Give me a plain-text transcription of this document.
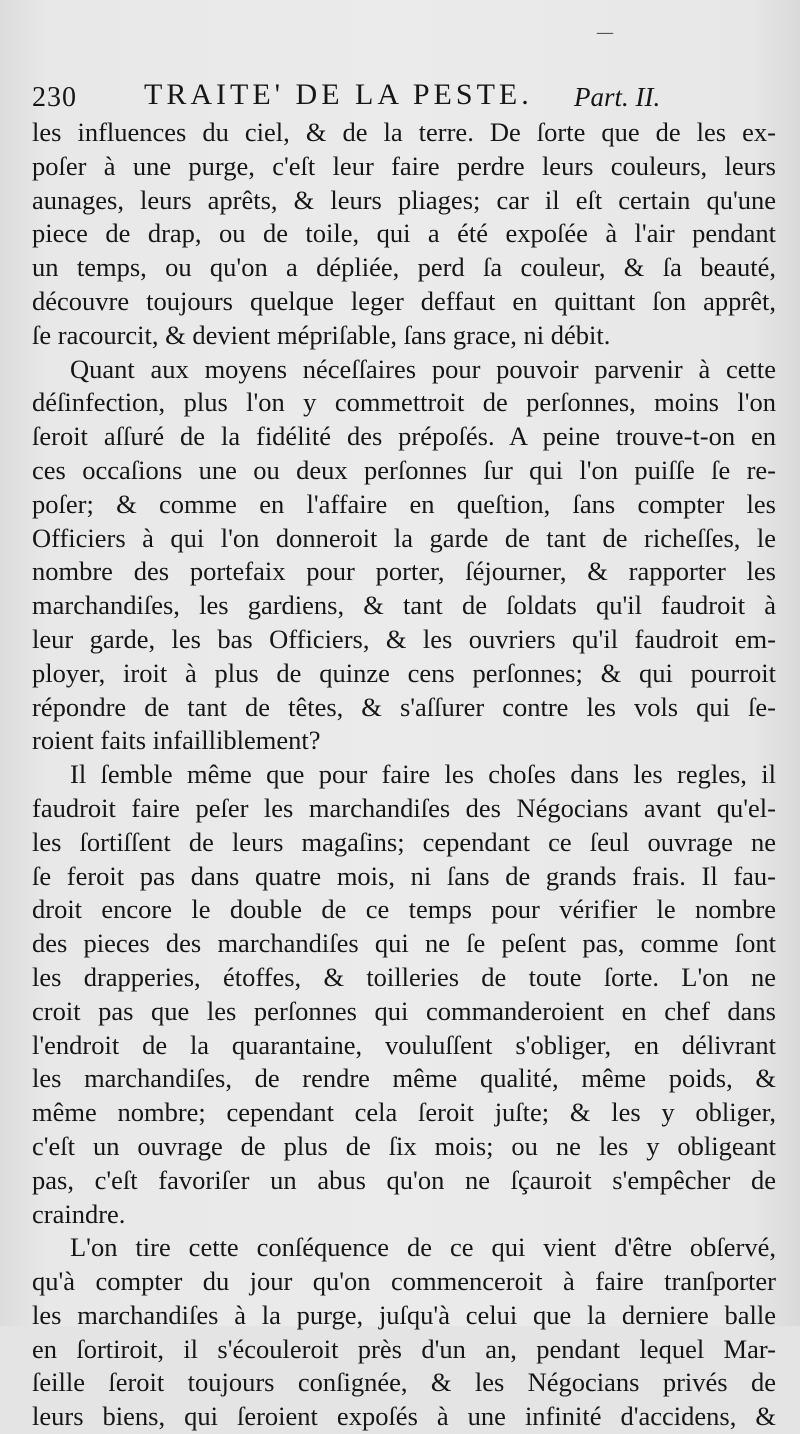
—
230 TRAITE' DE LA PESTE. Part. II.
les influences du ciel, & de la terre. De ſorte que de les ex-
poſer à une purge, c'eſt leur faire perdre leurs couleurs, leurs
aunages, leurs aprêts, & leurs pliages; car il eſt certain qu'une
piece de drap, ou de toile, qui a été expoſée à l'air pendant
un temps, ou qu'on a dépliée, perd ſa couleur, & ſa beauté,
découvre toujours quelque leger deffaut en quittant ſon apprêt,
ſe racourcit, & devient mépriſable, ſans grace, ni débit.
Quant aux moyens néceſſaires pour pouvoir parvenir à cette
déſinfection, plus l'on y commettroit de perſonnes, moins l'on
ſeroit aſſuré de la fidélité des prépoſés. A peine trouve-t-on en
ces occaſions une ou deux perſonnes ſur qui l'on puiſſe ſe re-
poſer; & comme en l'affaire en queſtion, ſans compter les
Officiers à qui l'on donneroit la garde de tant de richeſſes, le
nombre des portefaix pour porter, ſéjourner, & rapporter les
marchandiſes, les gardiens, & tant de ſoldats qu'il faudroit à
leur garde, les bas Officiers, & les ouvriers qu'il faudroit em-
ployer, iroit à plus de quinze cens perſonnes; & qui pourroit
répondre de tant de têtes, & s'aſſurer contre les vols qui ſe-
roient faits infailliblement?
Il ſemble même que pour faire les choſes dans les regles, il
faudroit faire peſer les marchandiſes des Négocians avant qu'el-
les ſortiſſent de leurs magaſins; cependant ce ſeul ouvrage ne
ſe feroit pas dans quatre mois, ni ſans de grands frais. Il fau-
droit encore le double de ce temps pour vérifier le nombre
des pieces des marchandiſes qui ne ſe peſent pas, comme ſont
les drapperies, étoffes, & toilleries de toute ſorte. L'on ne
croit pas que les perſonnes qui commanderoient en chef dans
l'endroit de la quarantaine, vouluſſent s'obliger, en délivrant
les marchandiſes, de rendre même qualité, même poids, &
même nombre; cependant cela ſeroit juſte; & les y obliger,
c'eſt un ouvrage de plus de ſix mois; ou ne les y obligeant
pas, c'eſt favoriſer un abus qu'on ne ſçauroit s'empêcher de
craindre.
L'on tire cette conſéquence de ce qui vient d'être obſervé,
qu'à compter du jour qu'on commenceroit à faire tranſporter
les marchandiſes à la purge, juſqu'à celui que la derniere balle
en ſortiroit, il s'écouleroit près d'un an, pendant lequel Mar-
ſeille ſeroit toujours conſignée, & les Négocians privés de
leurs biens, qui ſeroient expoſés à une infinité d'accidens, &
